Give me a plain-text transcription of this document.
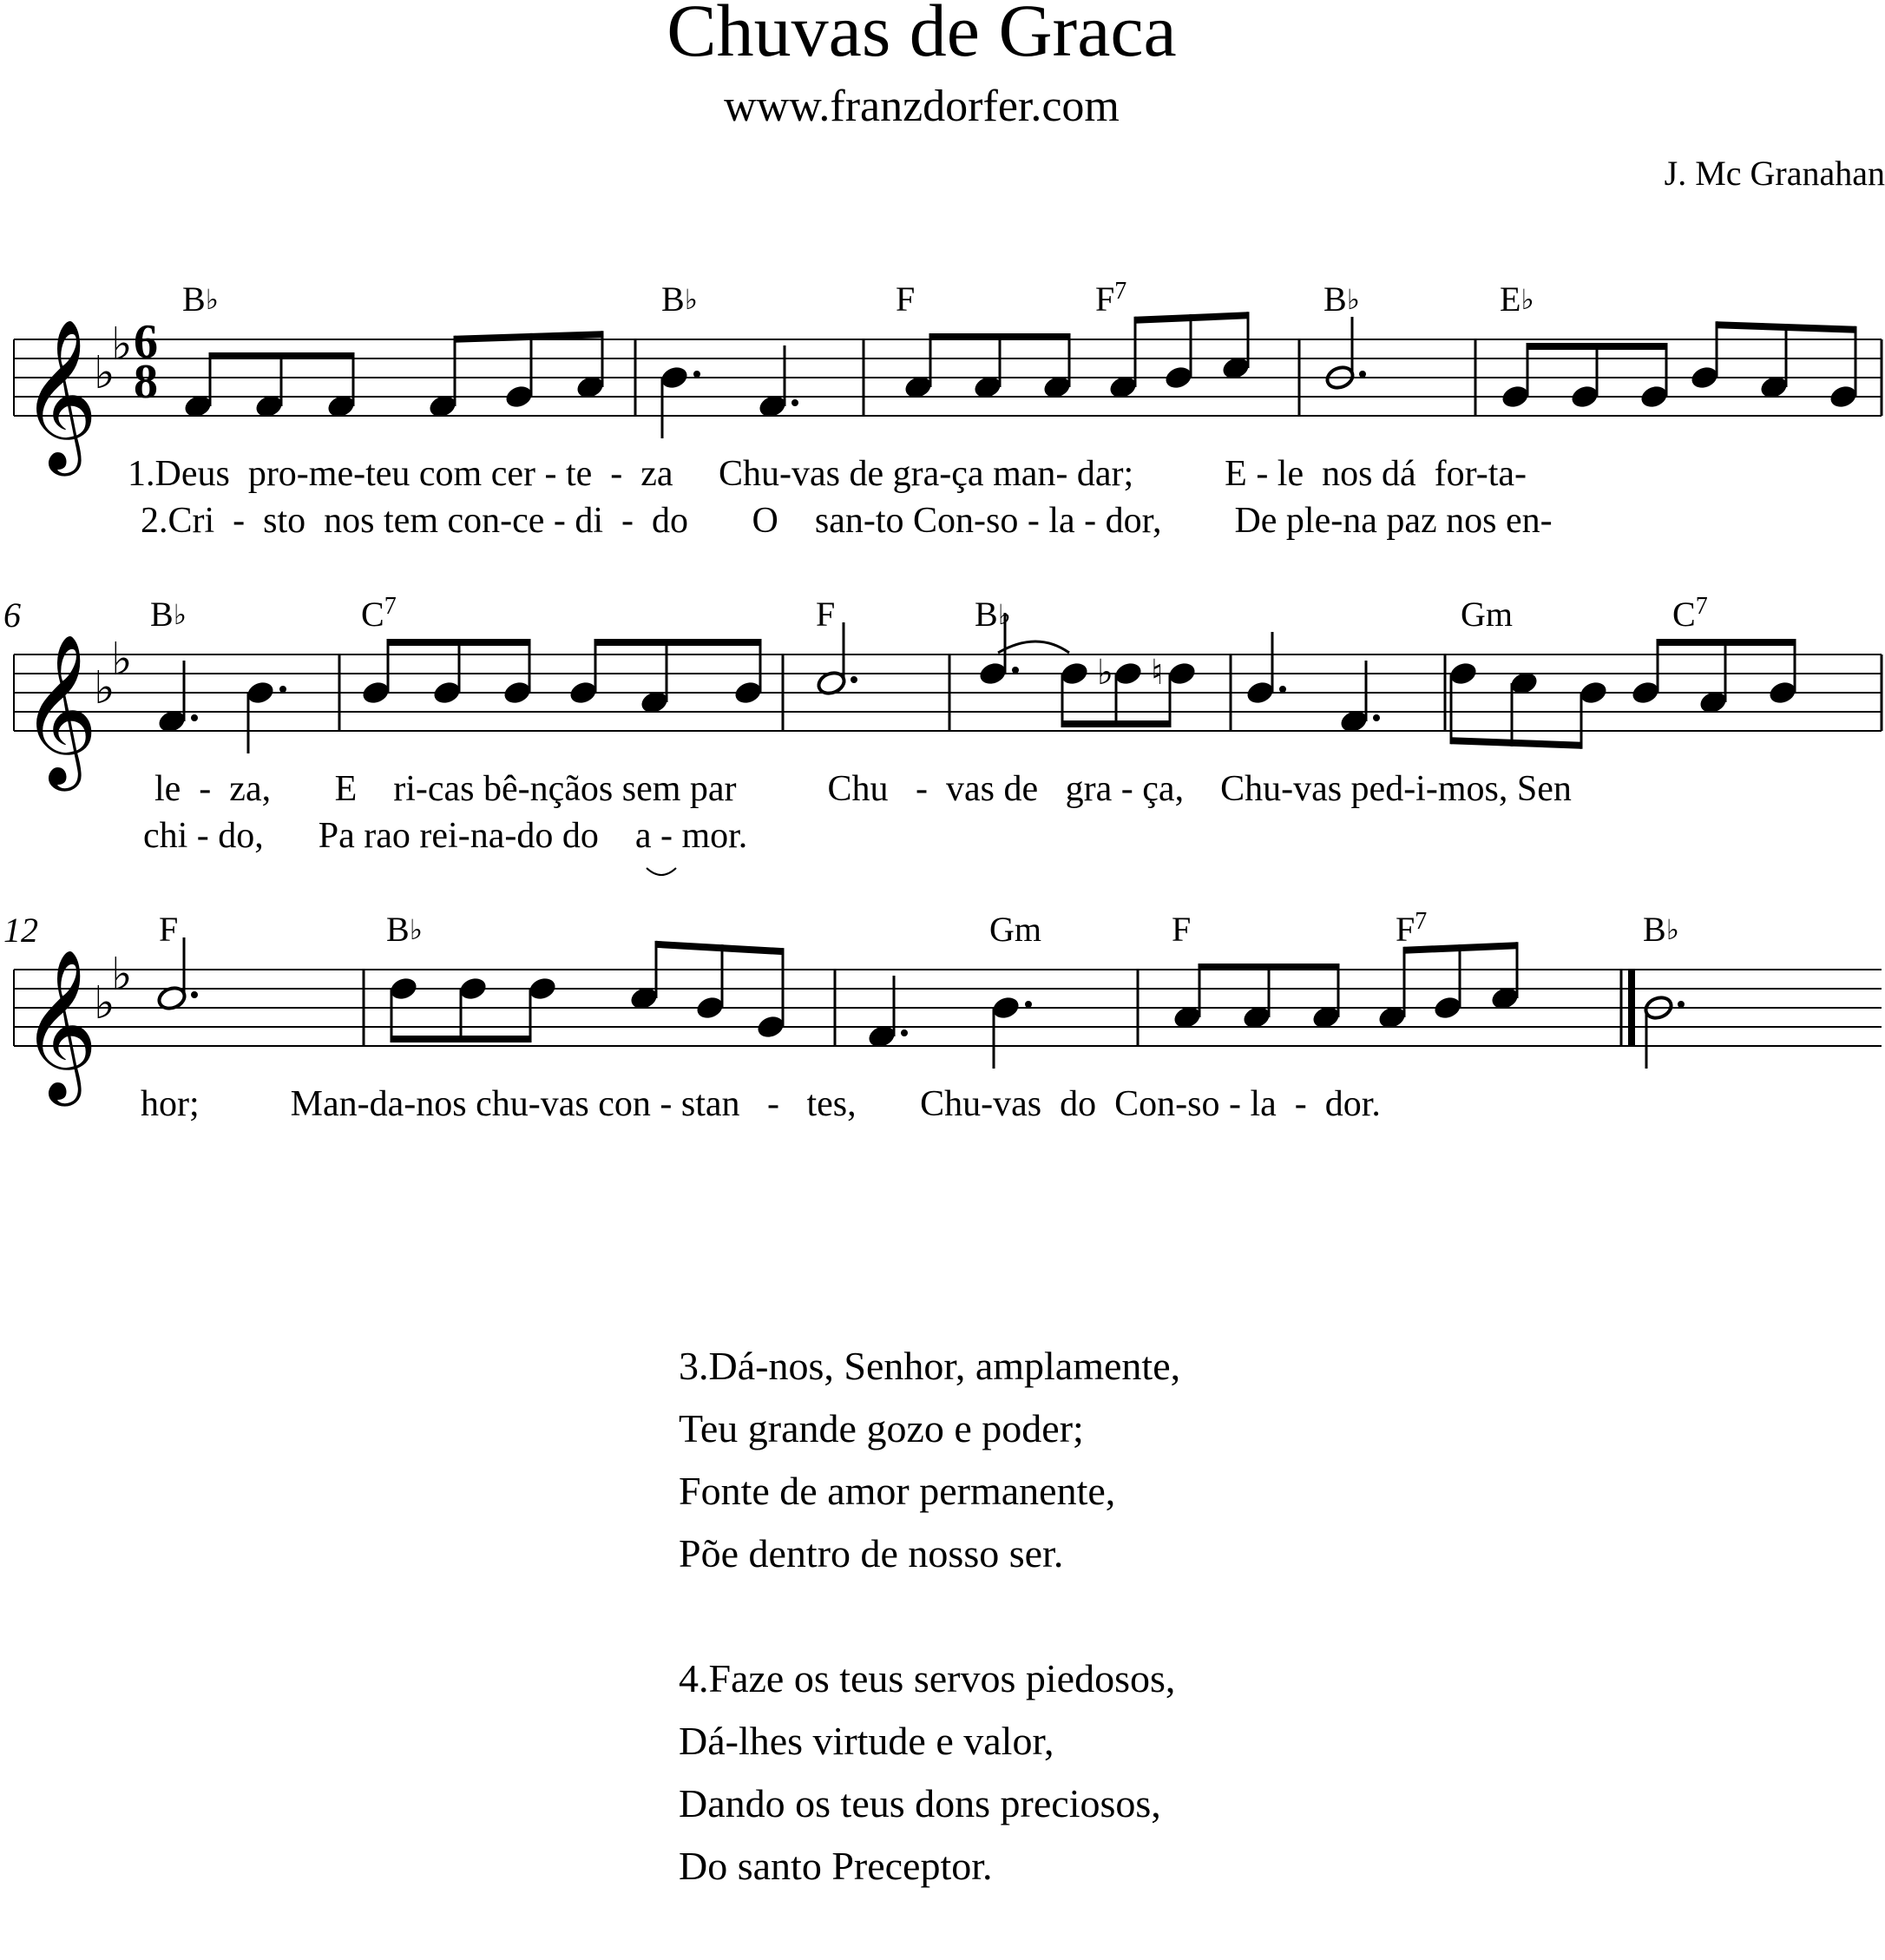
Chuvas de Graca
www.franzdorfer.com
J. Mc Granahan
𝄞
♭
♭
𝄞
♭
♭
𝄞
♭
♭
6
8
♭ ♮
6
12
B♭	B♭	F	$F^7$	B♭	E♭
B♭	$C^7$	F	B♭	Gm	$C^7$
F	B♭	Gm	F	$F^7$	B♭
1.Deus  pro-me-teu com cer - te  -  za     Chu-vas de gra-ça man- dar;          E - le  nos dá  for-ta-
2.Cri  -  sto  nos tem con-ce - di  -  do       O    san-to Con-so - la - dor,        De ple-na paz nos en-
le  -  za,       E    ri-cas bê-nçãos sem par          Chu   -  vas de   gra - ça,    Chu-vas ped-i-mos, Sen
chi - do,      Pa rao rei-na-do do    a - mor.
hor;          Man-da-nos chu-vas con - stan   -   tes,       Chu-vas  do  Con-so - la  -  dor.
3.Dá-nos, Senhor, amplamente,
Teu grande gozo e poder;
Fonte de amor permanente,
Põe dentro de nosso ser.
4.Faze os teus servos piedosos,
Dá-lhes virtude e valor,
Dando os teus dons preciosos,
Do santo Preceptor.
